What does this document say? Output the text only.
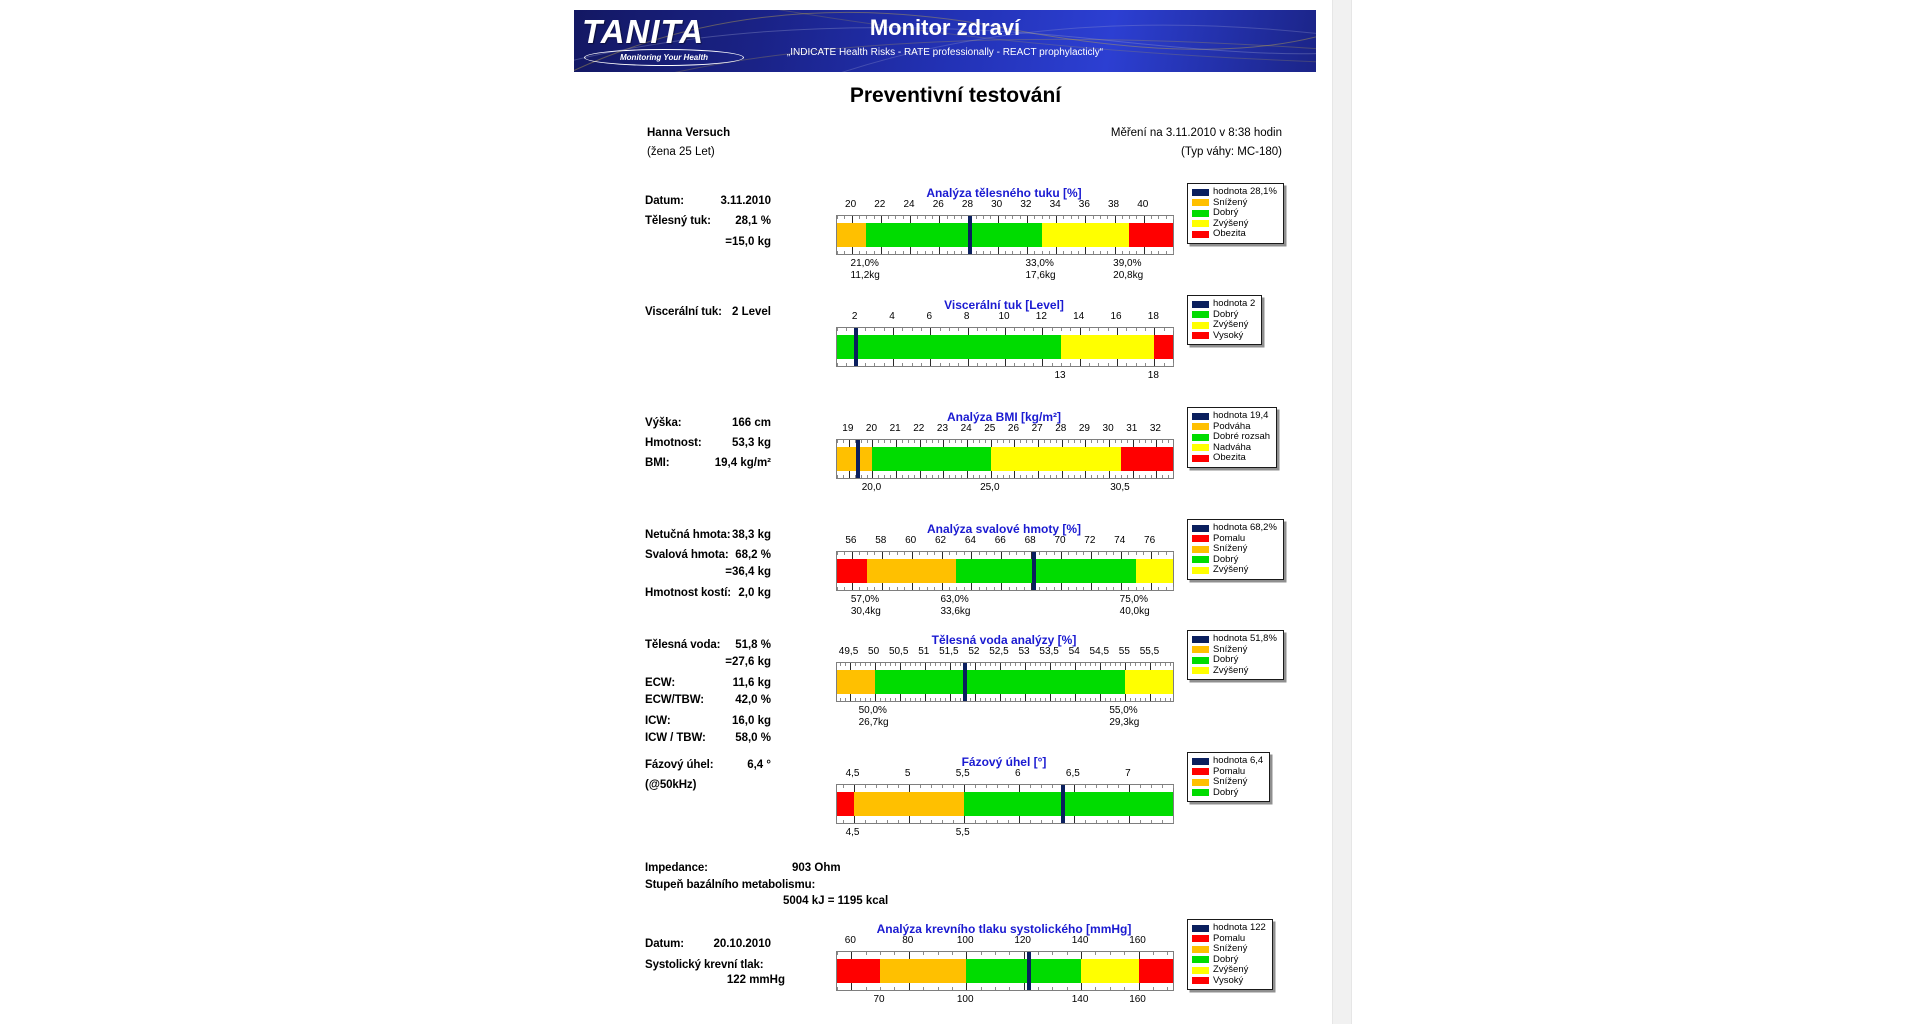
TANITA
Monitoring Your Health
Monitor zdraví
„INDICATE Health Risks - RATE professionally - REACT prophylacticly“
Preventivní testování
Hanna Versuch
(žena 25 Let)
Měření na 3.11.2010 v 8:38 hodin
(Typ váhy: MC-180)
Datum:	3.11.2010
Tělesný tuk:	28,1 %
=15,0 kg
Analýza tělesného tuku [%]
20 22 24 26 28 30 32 34 36 38 40
21,0%
11,2kg
33,0%
17,6kg
39,0%
20,8kg
hodnota 28,1%
Snížený
Dobrý
Zvýšený
Obezita
Viscerální tuk: 2 Level	Viscerální tuk [Level]
2	4	6	8	10	12	14	16	18
13	18
hodnota 2
Dobrý
Zvýšený
Vysoký
Výška:	166 cm
Hmotnost:	53,3 kg
BMI:	19,4 kg/m²
Analýza BMI [kg/m²]
19 20 21 22 23 24 25 26 27 28 29 30 31 32
20,0	25,0	30,5
hodnota 19,4
Podváha
Dobré rozsah
Nadváha
Obezita
Netučná hmota: 38,3 kg
Svalová hmota: 68,2 %
=36,4 kg
Hmotnost kostí: 2,0 kg
Analýza svalové hmoty [%]
56 58 60 62 64 66 68 70 72 74 76
57,0%
30,4kg
63,0%
33,6kg
75,0%
40,0kg
hodnota 68,2%
Pomalu
Snížený
Dobrý
Zvýšený
Tělesná voda:	51,8 %
=27,6 kg
ECW:	11,6 kg
ECW/TBW:	42,0 %
ICW:	16,0 kg
ICW / TBW:	58,0 %
Tělesná voda analýzy [%]
49,5 50 50,5 51 51,5 52 52,5 53 53,5 54 54,5 55 55,5
50,0%
26,7kg
55,0%
29,3kg
hodnota 51,8%
Snížený
Dobrý
Zvýšený
Fázový úhel:	6,4 °
(@50kHz)
Fázový úhel [°]
4,5	5	5,5	6	6,5	7
4,5	5,5
hodnota 6,4
Pomalu
Snížený
Dobrý
Impedance:	903 Ohm
Stupeň bazálního metabolismu:
5004 kJ = 1195 kcal
Datum:	20.10.2010
Systolický krevní tlak:
122 mmHg
Analýza krevního tlaku systolického [mmHg]
60	80	100	120	140	160
70	100	140	160
hodnota 122
Pomalu
Snížený
Dobrý
Zvýšený
Vysoký
